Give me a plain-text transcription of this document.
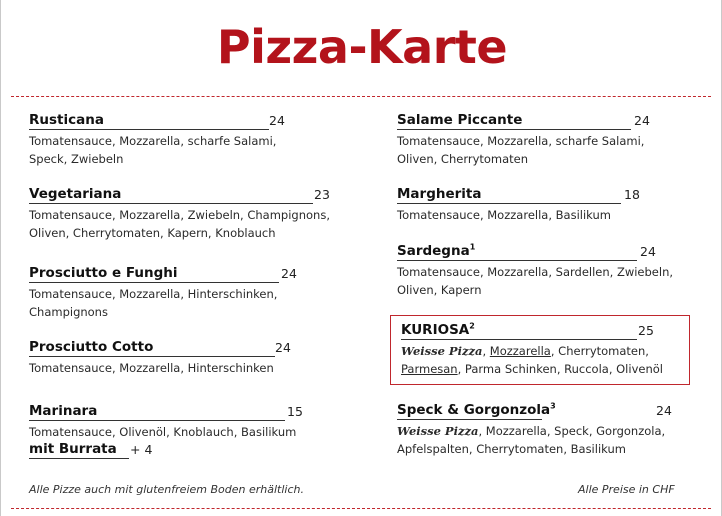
Pizza-Karte
Rusticana	24
Tomatensauce, Mozzarella, scharfe Salami,
Speck, Zwiebeln
Vegetariana	23
Tomatensauce, Mozzarella, Zwiebeln, Champignons,
Oliven, Cherrytomaten, Kapern, Knoblauch
Prosciutto e Funghi	24
Tomatensauce, Mozzarella, Hinterschinken,
Champignons
Prosciutto Cotto	24
Tomatensauce, Mozzarella, Hinterschinken
Marinara	15
Tomatensauce, Olivenöl, Knoblauch, Basilikum
mit Burrata + 4
Salame Piccante	24
Tomatensauce, Mozzarella, scharfe Salami,
Oliven, Cherrytomaten
Margherita	18
Tomatensauce, Mozzarella, Basilikum
Sardegna$^1$	24
Tomatensauce, Mozzarella, Sardellen, Zwiebeln,
Oliven, Kapern
KURIOSA$^2$	25
Weisse Pizza, Mozzarella, Cherrytomaten,
Parmesan, Parma Schinken, Ruccola, Olivenöl
Speck & Gorgonzola$^3$	24
Weisse Pizza, Mozzarella, Speck, Gorgonzola,
Apfelspalten, Cherrytomaten, Basilikum
Alle Pizze auch mit glutenfreiem Boden erhältlich.	Alle Preise in CHF
